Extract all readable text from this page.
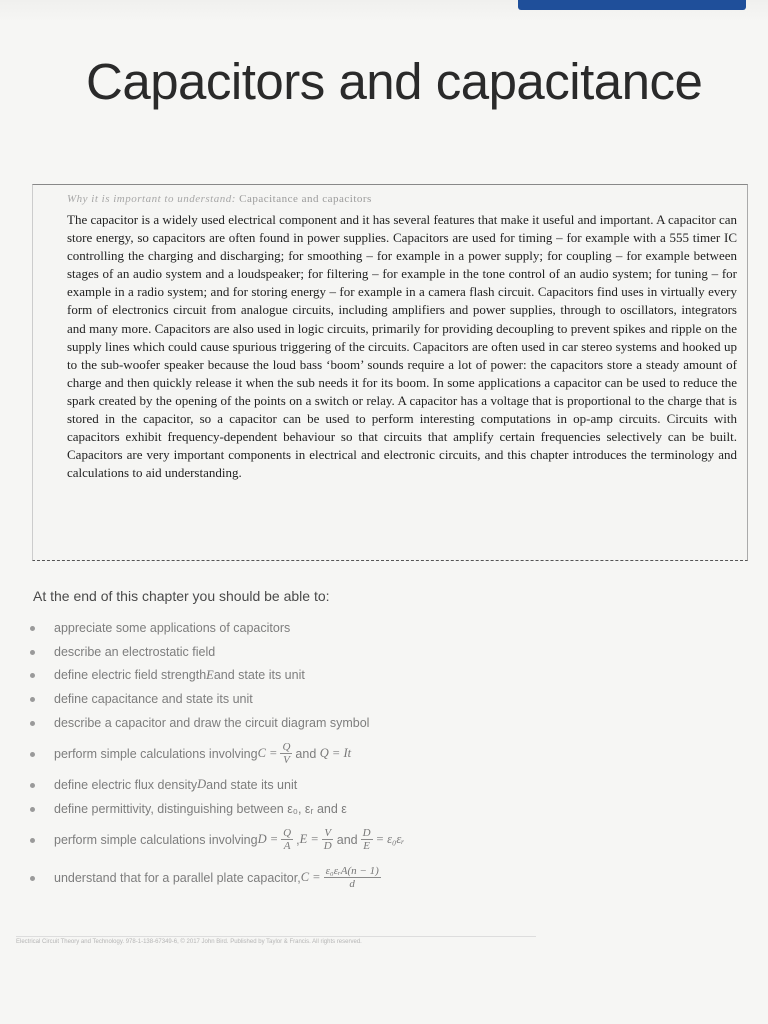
Capacitors and capacitance

Why it is important to understand: Capacitance and capacitors

The capacitor is a widely used electrical component and it has several features that make it useful and important. A capacitor can store energy, so capacitors are often found in power supplies. Capacitors are used for timing – for example with a 555 timer IC controlling the charging and discharging; for smoothing – for example in a power supply; for coupling – for example between stages of an audio system and a loudspeaker; for filtering – for example in the tone control of an audio system; for tuning – for example in a radio system; and for storing energy – for example in a camera flash circuit. Capacitors find uses in virtually every form of electronics circuit from analogue circuits, including amplifiers and power supplies, through to oscillators, integrators and many more. Capacitors are also used in logic circuits, primarily for providing decoupling to prevent spikes and ripple on the supply lines which could cause spurious triggering of the circuits. Capacitors are often used in car stereo systems and hooked up to the sub-woofer speaker because the loud bass ‘boom’ sounds require a lot of power: the capacitors store a steady amount of charge and then quickly release it when the sub needs it for its boom. In some applications a capacitor can be used to reduce the spark created by the opening of the points on a switch or relay. A capacitor has a voltage that is proportional to the charge that is stored in the capacitor, so a capacitor can be used to perform interesting computations in op-amp circuits. Circuits with capacitors exhibit frequency-dependent behaviour so that circuits that amplify certain frequencies selectively can be built. Capacitors are very important components in electrical and electronic circuits, and this chapter introduces the terminology and calculations to aid understanding.

At the end of this chapter you should be able to:
appreciate some applications of capacitors
describe an electrostatic field
define electric field strength E and state its unit
define capacitance and state its unit
describe a capacitor and draw the circuit diagram symbol
perform simple calculations involving $C = \frac{Q}{V}$ and
Q = It
define electric flux density D and state its unit
define permittivity, distinguishing between ε₀, εᵣ and ε
perform simple calculations involving $D = \frac{Q}{A}$ , $E = \frac{V}{D}$ and $\frac{D}{E}$ = ε₀εᵣ
understand that for a parallel plate capacitor, $C = \frac{\text{ε₀εᵣA(n − 1)}}{d}$
Electrical Circuit Theory and Technology. 978-1-138-67349-6, © 2017 John Bird. Published by Taylor & Francis. All rights reserved.
